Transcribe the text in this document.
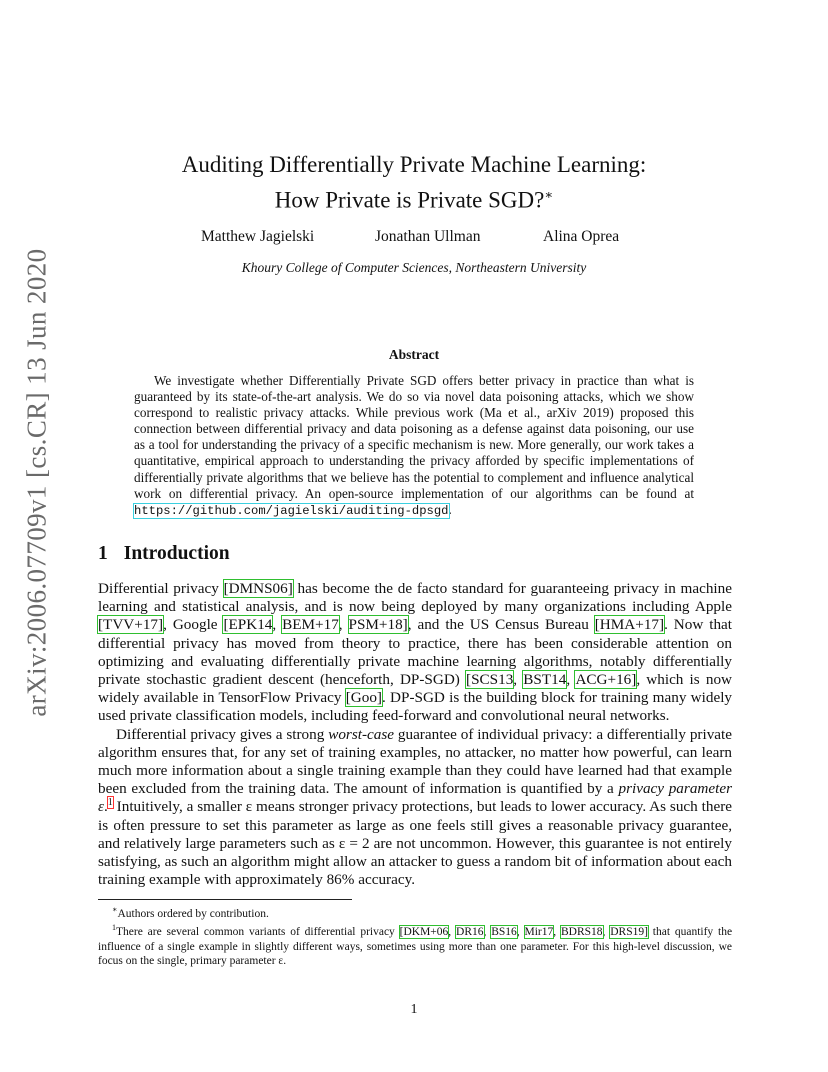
arXiv:2006.07709v1 [cs.CR] 13 Jun 2020
Auditing Differentially Private Machine Learning:
How Private is Private SGD?∗
Matthew Jagielski	Jonathan Ullman	Alina Oprea
Khoury College of Computer Sciences, Northeastern University
Abstract
We investigate whether Differentially Private SGD offers better privacy in practice than what is guaranteed by its state-of-the-art analysis. We do so via novel data poisoning attacks, which we show correspond to realistic privacy attacks. While previous work (Ma et al., arXiv 2019) proposed this connection between differential privacy and data poisoning as a defense against data poisoning, our use as a tool for understanding the privacy of a specific mechanism is new. More generally, our work takes a quantitative, empirical approach to understanding the privacy afforded by specific implementations of differentially private algorithms that we believe has the potential to complement and influence analytical work on differential privacy. An open-source implementation of our algorithms can be found at https://github.com/jagielski/auditing-dpsgd.
1 Introduction

Differential privacy [DMNS06] has become the de facto standard for guaranteeing privacy in machine learning and statistical analysis, and is now being deployed by many organizations including Apple [TVV+17], Google [EPK14, BEM+17, PSM+18], and the US Census Bureau [HMA+17]. Now that differential privacy has moved from theory to practice, there has been considerable attention on optimizing and evaluating differentially private machine learning algorithms, notably differentially private stochastic gradient descent (henceforth, DP-SGD) [SCS13, BST14, ACG+16], which is now widely available in TensorFlow Privacy [Goo]. DP-SGD is the building block for training many widely used private classification models, including feed-forward and convolutional neural networks.

Differential privacy gives a strong worst-case guarantee of individual privacy: a differentially private algorithm ensures that, for any set of training examples, no attacker, no matter how powerful, can learn much more information about a single training example than they could have learned had that example been excluded from the training data. The amount of information is quantified by a privacy parameter ε.$^1$ Intuitively, a smaller ε means stronger privacy protections, but leads to lower accuracy. As such there is often pressure to set this parameter as large as one feels still gives a reasonable privacy guarantee, and relatively large parameters such as ε = 2 are not uncommon. However, this guarantee is not entirely satisfying, as such an algorithm might allow an attacker to guess a random bit of information about each training example with approximately 86% accuracy.

∗Authors ordered by contribution.

$^1$There are several common variants of differential privacy [DKM+06, DR16, BS16, Mir17, BDRS18, DRS19] that quantify the influence of a single example in slightly different ways, sometimes using more than one parameter. For this high-level discussion, we focus on the single, primary parameter ε.

1
